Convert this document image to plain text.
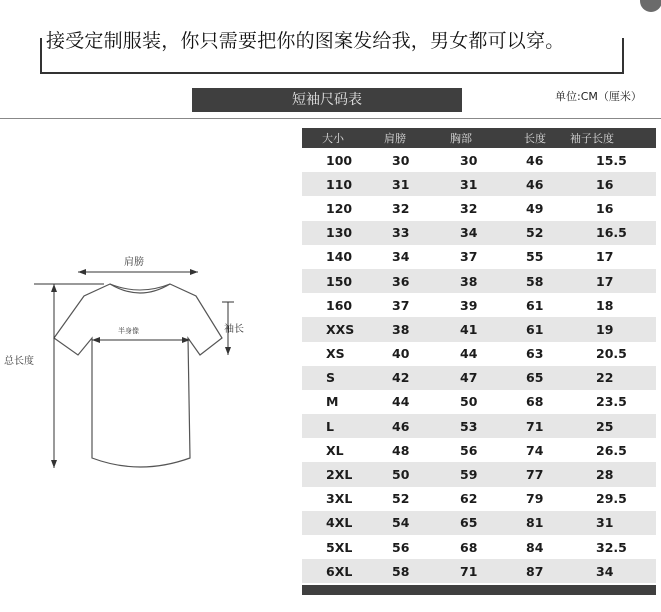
接受定制服装，你只需要把你的图案发给我，男女都可以穿。
短袖尺码表	单位:CM（厘米）
肩膀
半身像	袖长
总长度
大小	肩膀	胸部	长度	袖子长度
100	30	30	46	15.5
110	31	31	46	16
120	32	32	49	16
130	33	34	52	16.5
140	34	37	55	17
150	36	38	58	17
160	37	39	61	18
XXS	38	41	61	19
XS	40	44	63	20.5
S	42	47	65	22
M	44	50	68	23.5
L	46	53	71	25
XL	48	56	74	26.5
2XL	50	59	77	28
3XL	52	62	79	29.5
4XL	54	65	81	31
5XL	56	68	84	32.5
6XL	58	71	87	34
